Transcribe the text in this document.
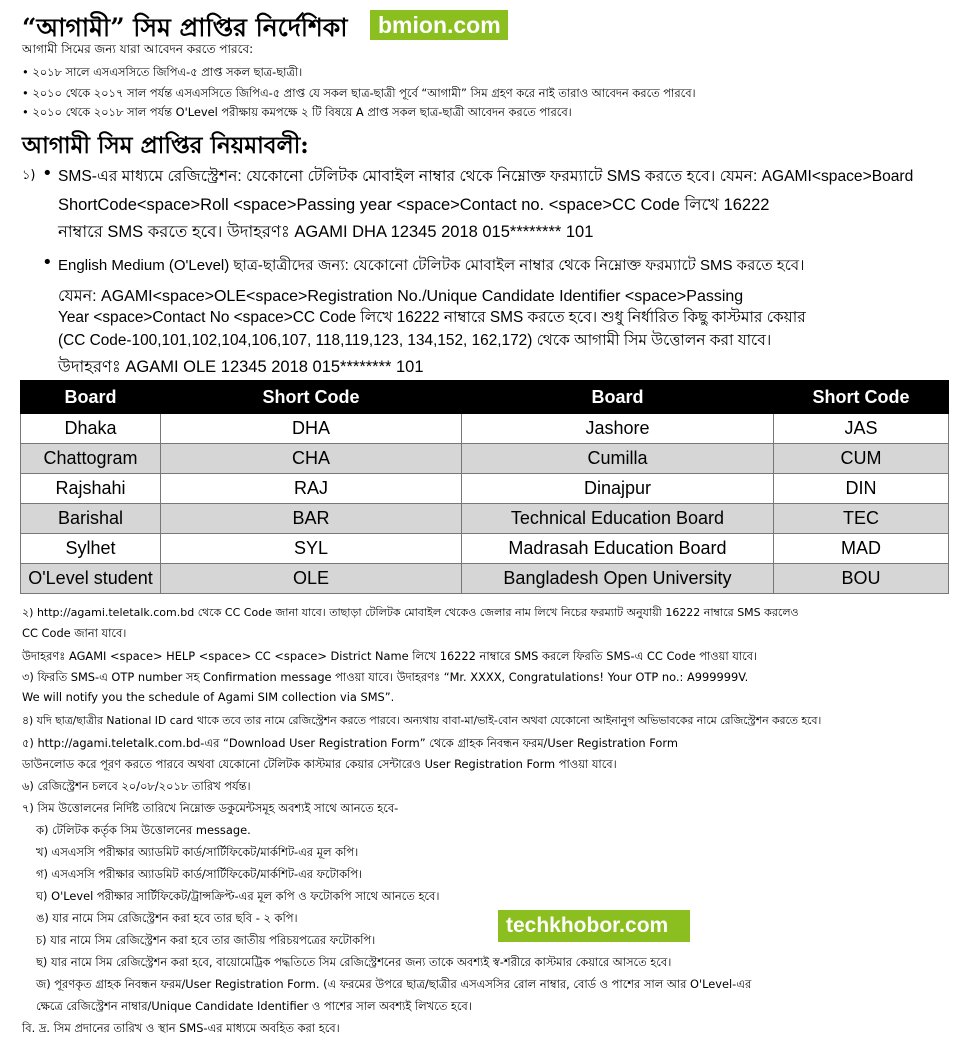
“আগামী” সিম প্রাপ্তির নির্দেশিকা	bmion.com
আগামী সিমের জন্য যারা আবেদন করতে পারবে:
• ২০১৮ সালে এসএসসিতে জিপিএ-৫ প্রাপ্ত সকল ছাত্র-ছাত্রী।
• ২০১০ থেকে ২০১৭ সাল পর্যন্ত এসএসসিতে জিপিএ-৫ প্রাপ্ত যে সকল ছাত্র-ছাত্রী পূর্বে “আগামী” সিম গ্রহণ করে নাই তারাও আবেদন করতে পারবে।
• ২০১০ থেকে ২০১৮ সাল পর্যন্ত O'Level পরীক্ষায় কমপক্ষে ২ টি বিষয়ে A প্রাপ্ত সকল ছাত্র-ছাত্রী আবেদন করতে পারবে।
আগামী সিম প্রাপ্তির নিয়মাবলী:
১) • SMS-এর মাধ্যমে রেজিস্ট্রেশন: যেকোনো টেলিটক মোবাইল নাম্বার থেকে নিম্নোক্ত ফরম্যাটে SMS করতে হবে। যেমন: AGAMI<space>Board
ShortCode<space>Roll <space>Passing year <space>Contact no. <space>CC Code লিখে 16222
নাম্বারে SMS করতে হবে। উদাহরণঃ AGAMI DHA 12345 2018 015******** 101
• English Medium (O'Level) ছাত্র-ছাত্রীদের জন্য: যেকোনো টেলিটক মোবাইল নাম্বার থেকে নিম্নোক্ত ফরম্যাটে SMS করতে হবে।
যেমন: AGAMI<space>OLE<space>Registration No./Unique Candidate Identifier <space>Passing
Year <space>Contact No <space>CC Code লিখে 16222 নাম্বারে SMS করতে হবে। শুধু নির্ধারিত কিছু কাস্টমার কেয়ার
(CC Code-100,101,102,104,106,107, 118,119,123, 134,152, 162,172) থেকে আগামী সিম উত্তোলন করা যাবে।
উদাহরণঃ AGAMI OLE 12345 2018 015******** 101
Board	Short Code	Board	Short Code
Dhaka	DHA	Jashore	JAS
Chattogram	CHA	Cumilla	CUM
Rajshahi	RAJ	Dinajpur	DIN
Barishal	BAR	Technical Education Board	TEC
Sylhet	SYL	Madrasah Education Board	MAD
O'Level student	OLE	Bangladesh Open University	BOU
২) http://agami.teletalk.com.bd থেকে CC Code জানা যাবে। তাছাড়া টেলিটক মোবাইল থেকেও জেলার নাম লিখে নিচের ফরম্যাট অনুযায়ী 16222 নাম্বারে SMS করলেও
CC Code জানা যাবে।
উদাহরণঃ AGAMI <space> HELP <space> CC <space> District Name লিখে 16222 নাম্বারে SMS করলে ফিরতি SMS-এ CC Code পাওয়া যাবে।
৩) ফিরতি SMS-এ OTP number সহ Confirmation message পাওয়া যাবে। উদাহরণঃ “Mr. XXXX, Congratulations! Your OTP no.: A999999V.
We will notify you the schedule of Agami SIM collection via SMS”.
৪) যদি ছাত্র/ছাত্রীর National ID card থাকে তবে তার নামে রেজিস্ট্রেশন করতে পারবে। অন্যথায় বাবা-মা/ভাই-বোন অথবা যেকোনো আইনানুগ অভিভাবকের নামে রেজিস্ট্রেশন করতে হবে।
৫) http://agami.teletalk.com.bd-এর “Download User Registration Form” থেকে গ্রাহক নিবন্ধন ফরম/User Registration Form
ডাউনলোড করে পূরণ করতে পারবে অথবা যেকোনো টেলিটক কাস্টমার কেয়ার সেন্টারেও User Registration Form পাওয়া যাবে।
৬) রেজিস্ট্রেশন চলবে ২০/০৮/২০১৮ তারিখ পর্যন্ত।
৭) সিম উত্তোলনের নির্দিষ্ট তারিখে নিম্নোক্ত ডকুমেন্টসমূহ অবশ্যই সাথে আনতে হবে-
ক) টেলিটক কর্তৃক সিম উত্তোলনের message.
খ) এসএসসি পরীক্ষার অ্যাডমিট কার্ড/সার্টিফিকেট/মার্কশিট-এর মূল কপি।
গ) এসএসসি পরীক্ষার অ্যাডমিট কার্ড/সার্টিফিকেট/মার্কশিট-এর ফটোকপি।
ঘ) O'Level পরীক্ষার সার্টিফিকেট/ট্রান্সক্রিপ্ট-এর মূল কপি ও ফটোকপি সাথে আনতে হবে।
ঙ) যার নামে সিম রেজিস্ট্রেশন করা হবে তার ছবি - ২ কপি।
চ) যার নামে সিম রেজিস্ট্রেশন করা হবে তার জাতীয় পরিচয়পত্রের ফটোকপি।
ছ) যার নামে সিম রেজিস্ট্রেশন করা হবে, বায়োমেট্রিক পদ্ধতিতে সিম রেজিস্ট্রেশনের জন্য তাকে অবশ্যই স্ব-শরীরে কাস্টমার কেয়ারে আসতে হবে।
জ) পূরণকৃত গ্রাহক নিবন্ধন ফরম/User Registration Form. (এ ফরমের উপরে ছাত্র/ছাত্রীর এসএসসির রোল নাম্বার, বোর্ড ও পাশের সাল আর O'Level-এর
ক্ষেত্রে রেজিস্ট্রেশন নাম্বার/Unique Candidate Identifier ও পাশের সাল অবশ্যই লিখতে হবে।
techkhobor.com
বি. দ্র. সিম প্রদানের তারিখ ও স্থান SMS-এর মাধ্যমে অবহিত করা হবে।
